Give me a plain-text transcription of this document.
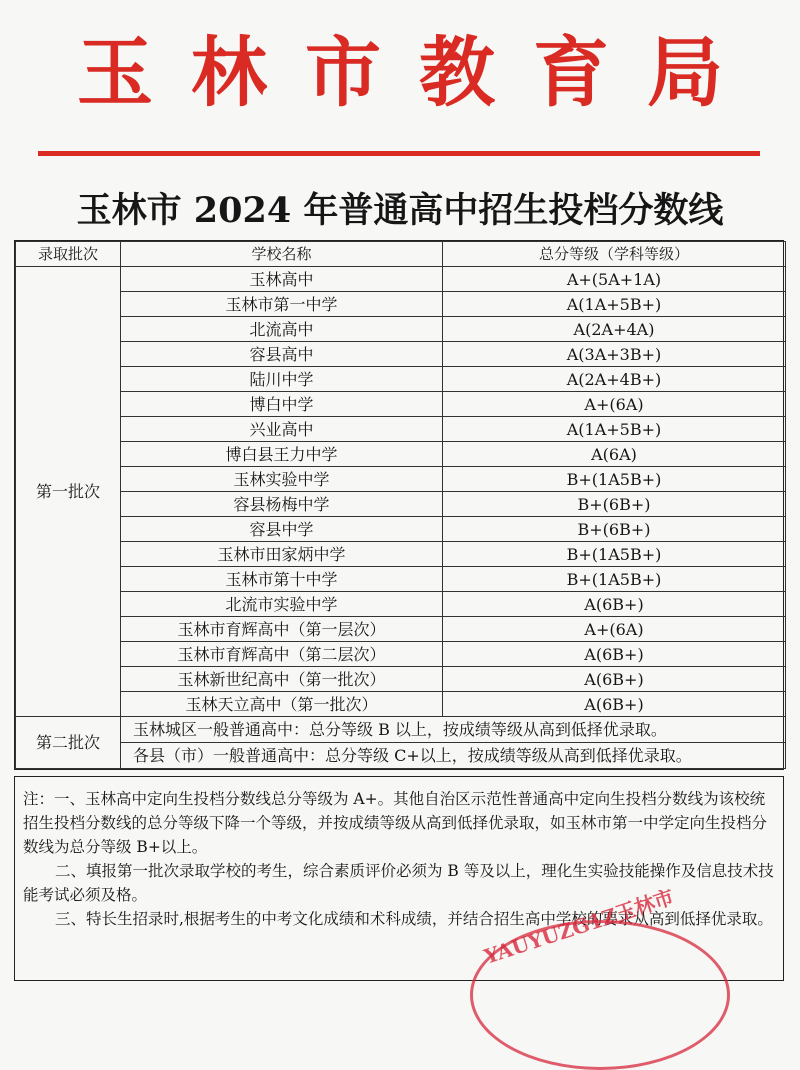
玉林市教育局
玉林市 2024 年普通高中招生投档分数线
录取批次	学校名称	总分等级（学科等级）
第一批次	玉林高中	A+(5A+1A)
	玉林市第一中学	A(1A+5B+)
	北流高中	A(2A+4A)
	容县高中	A(3A+3B+)
	陆川中学	A(2A+4B+)
	博白中学	A+(6A)
	兴业高中	A(1A+5B+)
	博白县王力中学	A(6A)
	玉林实验中学	B+(1A5B+)
	容县杨梅中学	B+(6B+)
	容县中学	B+(6B+)
	玉林市田家炳中学	B+(1A5B+)
	玉林市第十中学	B+(1A5B+)
	北流市实验中学	A(6B+)
	玉林市育辉高中（第一层次）	A+(6A)
	玉林市育辉高中（第二层次）	A(6B+)
	玉林新世纪高中（第一批次）	A(6B+)
	玉林天立高中（第一批次）	A(6B+)
第二批次	玉林城区一般普通高中：总分等级 B 以上，按成绩等级从高到低择优录取。	
	各县（市）一般普通高中：总分等级 C+以上，按成绩等级从高到低择优录取。	

注：一、玉林高中定向生投档分数线总分等级为 A+。其他自治区示范性普通高中定向生投档分数线为该校统招生投档分数线的总分等级下降一个等级，并按成绩等级从高到低择优录取，如玉林市第一中学定向生投档分数线为总分等级 B+以上。

二、填报第一批次录取学校的考生，综合素质评价必须为 B 等及以上，理化生实验技能操作及信息技术技能考试必须及格。

三、特长生招录时,根据考生的中考文化成绩和术科成绩，并结合招生高中学校的要求从高到低择优录取。

YAUYUZG1Z玉林市
